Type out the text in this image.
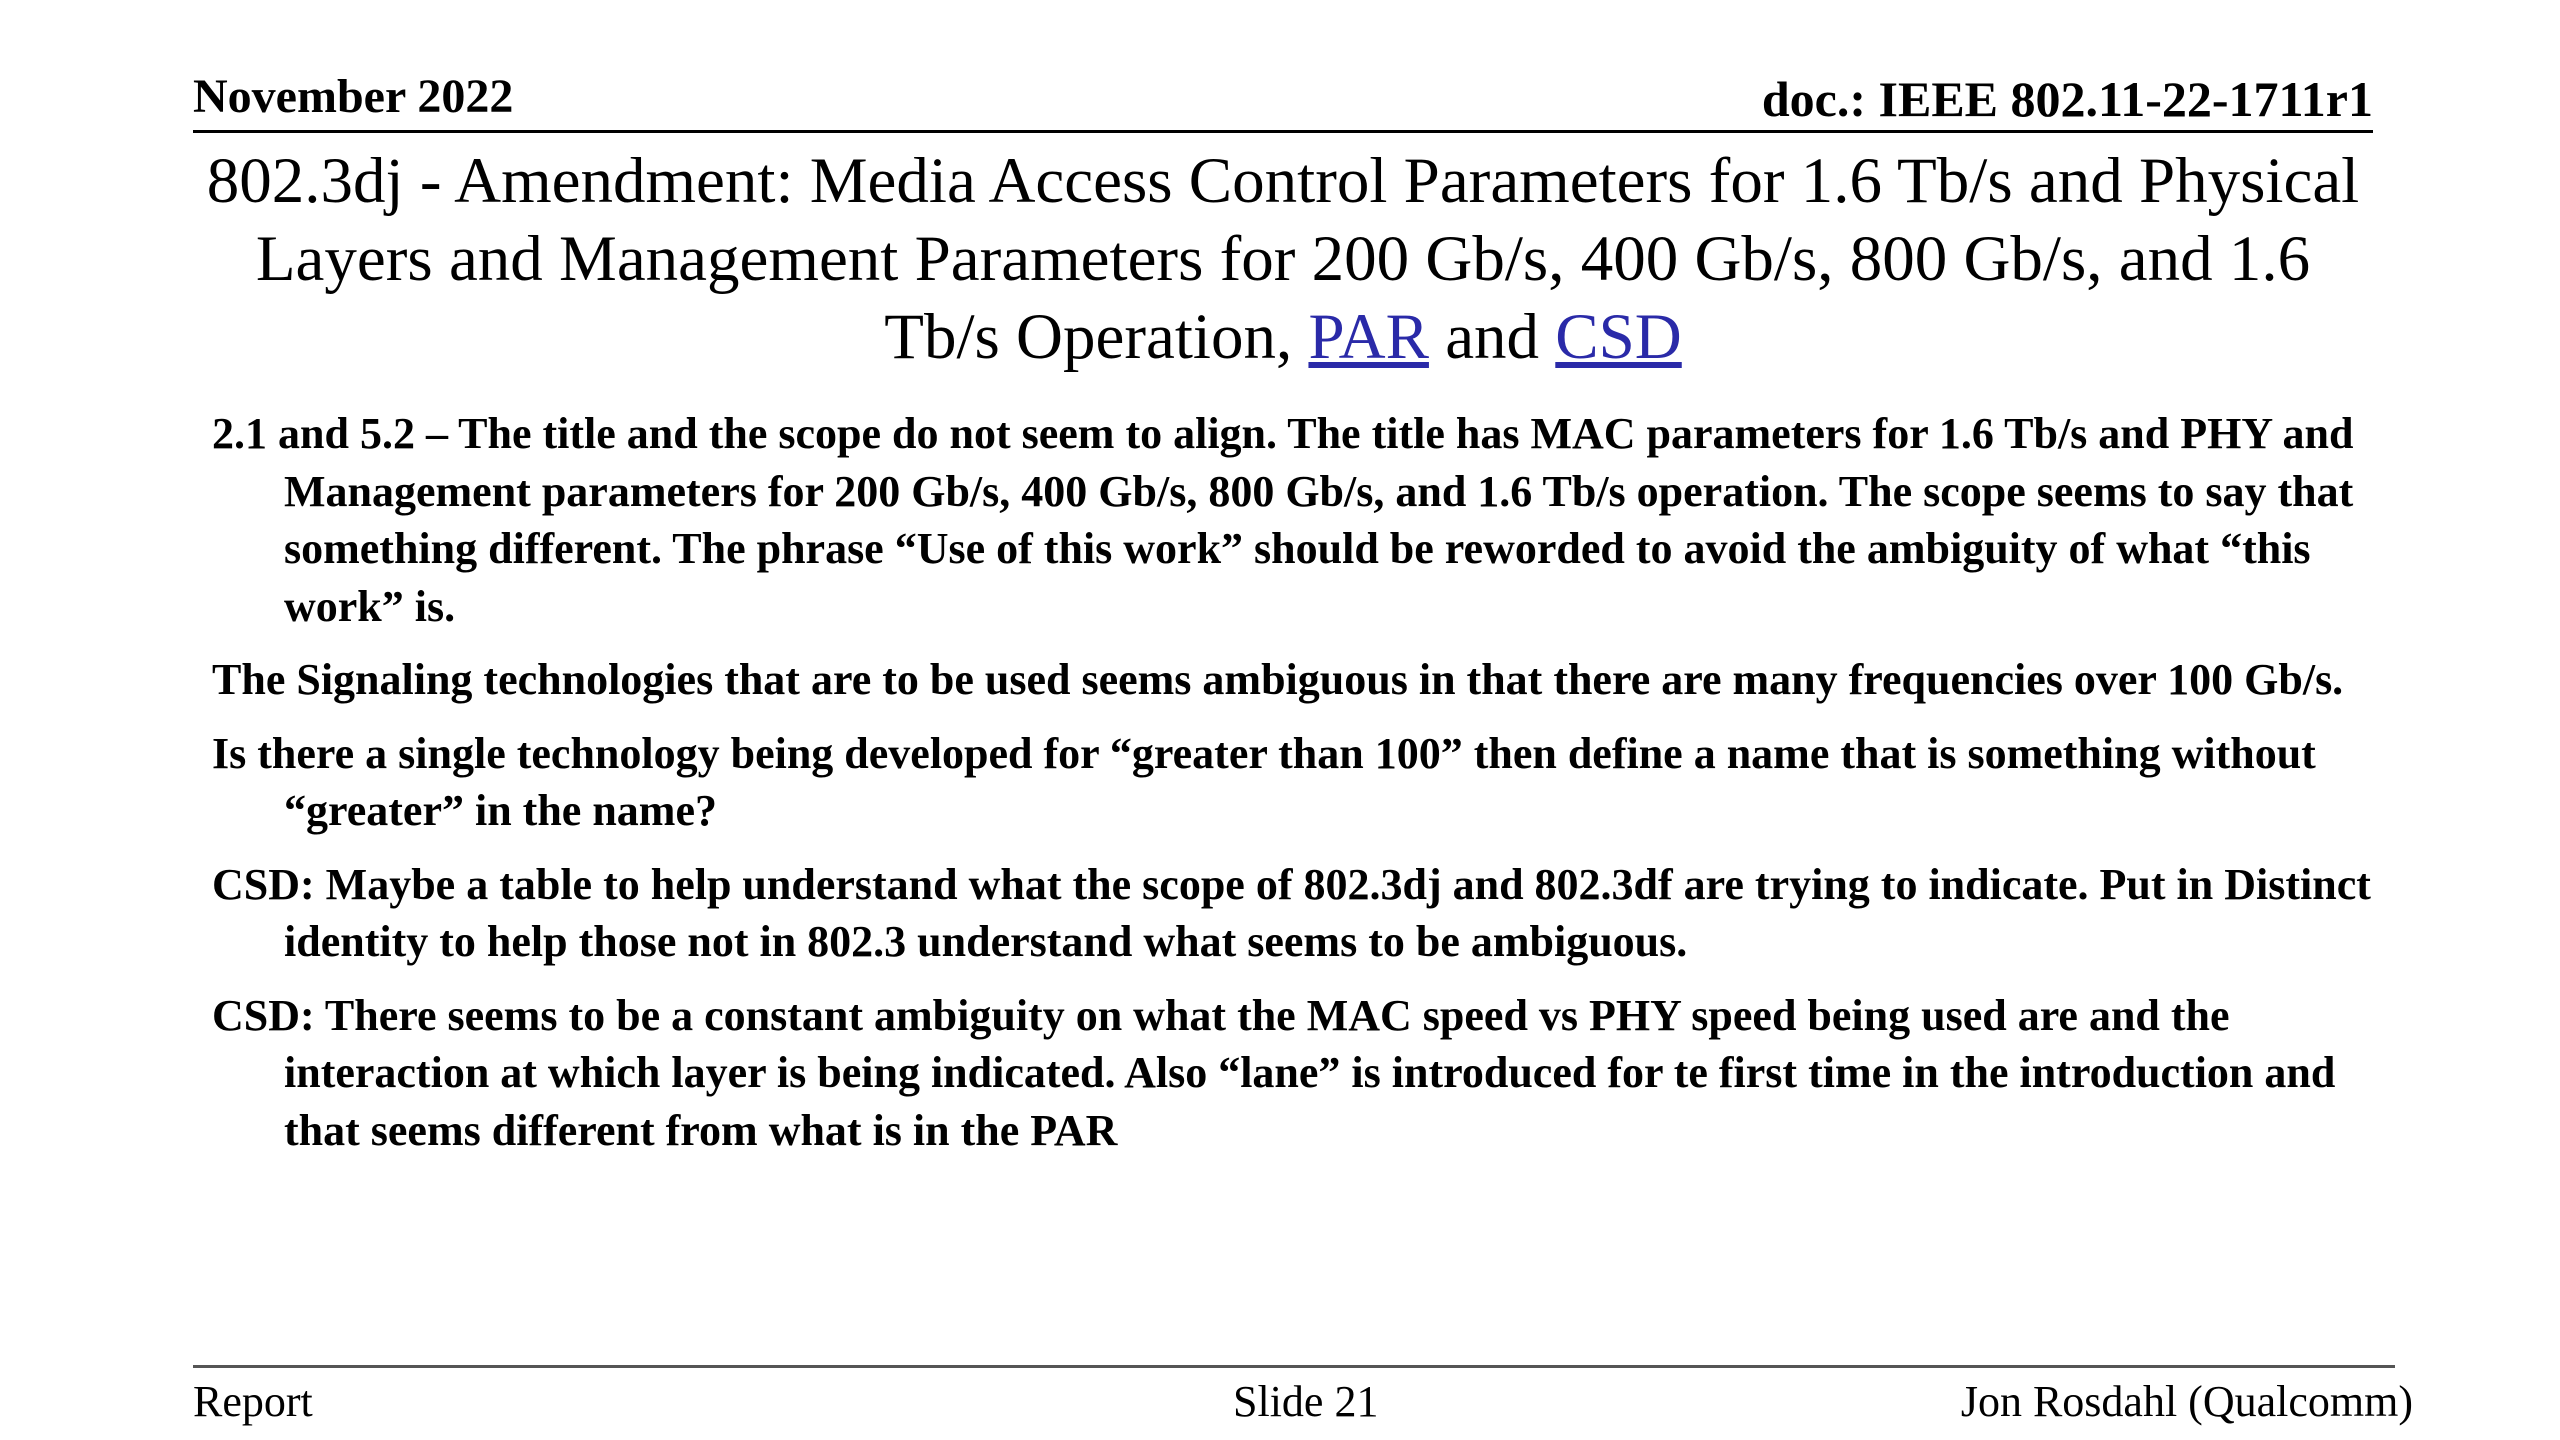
November 2022	doc.: IEEE 802.11-22-1711r1
802.3dj - Amendment: Media Access Control Parameters for 1.6 Tb/s and Physical Layers and Management Parameters for 200 Gb/s, 400 Gb/s, 800 Gb/s, and 1.6 Tb/s Operation, PAR and CSD

2.1 and 5.2 – The title and the scope do not seem to align. The title has MAC parameters for 1.6 Tb/s and PHY and Management parameters for 200 Gb/s, 400 Gb/s, 800 Gb/s, and 1.6 Tb/s operation. The scope seems to say that something different. The phrase “Use of this work” should be reworded to avoid the ambiguity of what “this work” is.

The Signaling technologies that are to be used seems ambiguous in that there are many frequencies over 100 Gb/s.

Is there a single technology being developed for “greater than 100” then define a name that is something without “greater” in the name?

CSD: Maybe a table to help understand what the scope of 802.3dj and 802.3df are trying to indicate. Put in Distinct identity to help those not in 802.3 understand what seems to be ambiguous.

CSD: There seems to be a constant ambiguity on what the MAC speed vs PHY speed being used are and the interaction at which layer is being indicated. Also “lane” is introduced for te first time in the introduction and that seems different from what is in the PAR

Report	Slide 21	Jon Rosdahl (Qualcomm)
